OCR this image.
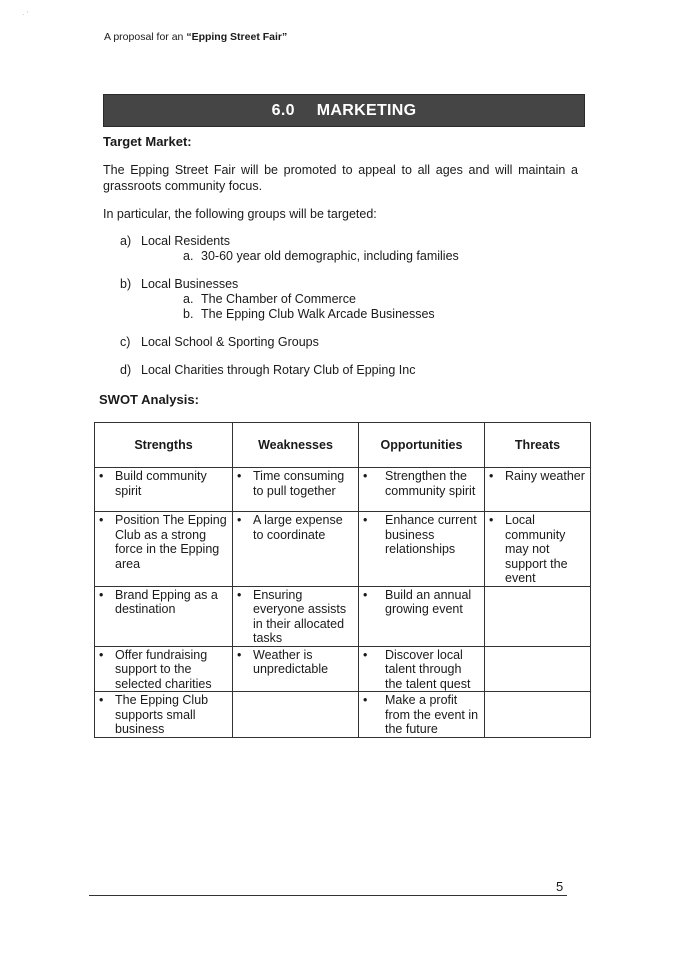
· ’
A proposal for an “Epping Street Fair”
6.0 MARKETING
Target Market:
The Epping Street Fair will be promoted to appeal to all ages and will maintain a grassroots community focus.
In particular, the following groups will be targeted:
a) Local Residents
a. 30-60 year old demographic, including families
b) Local Businesses
a. The Chamber of Commerce
b. The Epping Club Walk Arcade Businesses
c) Local School & Sporting Groups
d) Local Charities through Rotary Club of Epping Inc
SWOT Analysis:
Strengths	Weaknesses	Opportunities	Threats

• Build community spirit	• Time consuming to pull together	• Strengthen the community spirit	• Rainy weather

• Position The Epping Club as a strong force in the Epping area	• A large expense to coordinate	• Enhance current business relationships	• Local community may not support the event

• Brand Epping as a destination	• Ensuring everyone assists in their allocated tasks	• Build an annual growing event	

• Offer fundraising support to the selected charities	• Weather is unpredictable	• Discover local talent through the talent quest	

• The Epping Club supports small business		• Make a profit from the event in the future	

5
